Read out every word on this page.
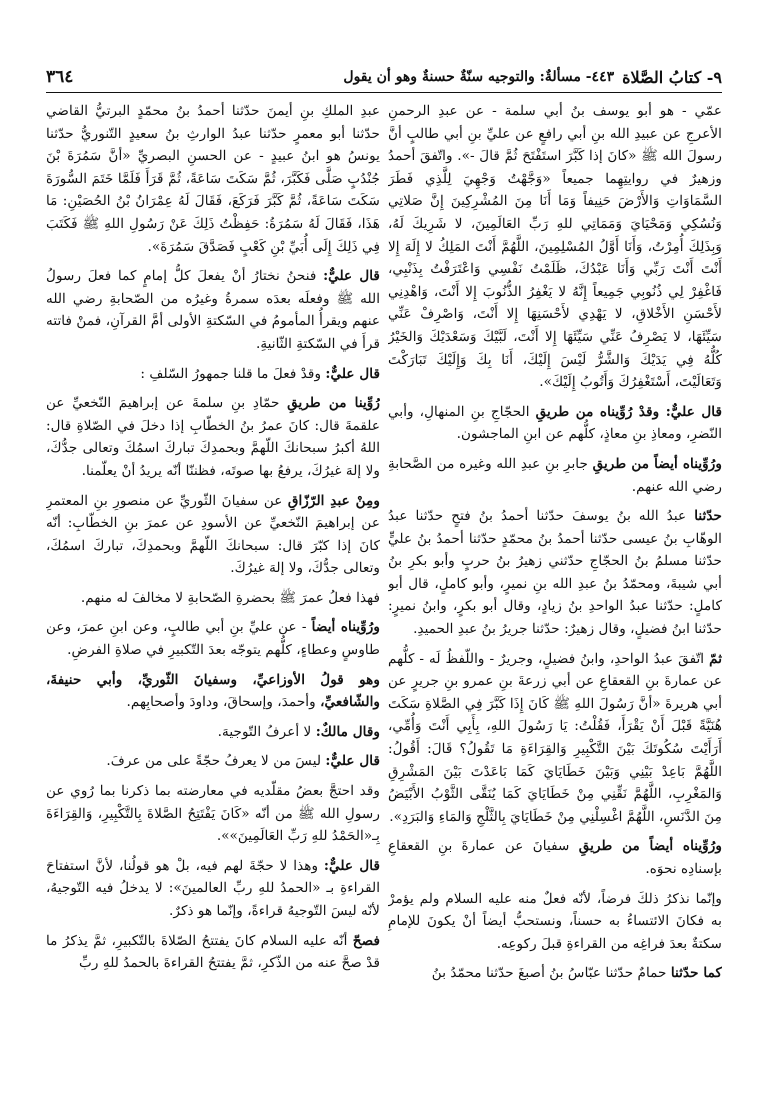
٩- كتابُ الصَّلاة
٤٤٣- مسألةٌ: والتوجيه سنّةٌ حسنةٌ وهو أن يقول
٣٦٤

عمّي - هو أبو يوسف بنُ أبي سلمة - عن عبدِ الرحمنِ الأعرجِ عن عبيدِ الله بنِ أبي رافعٍ عن عليِّ بنِ أبي طالبٍ أنَّ رسولَ الله ﷺ «كانَ إذا كَبَّرَ استَفْتَحَ ثُمَّ قالَ -». واتّفقَ أحمدُ وزهيرٌ في روايتِهِما جميعاً «وَجَّهْتُ وَجْهِيَ لِلَّذِي فَطَرَ السَّمَاوَاتِ وَالأَرْضَ حَنِيفاً وَمَا أَنَا مِنَ المُشْرِكِينَ إِنَّ صَلاتِي وَنُسُكِي وَمَحْيَايَ وَمَمَاتِي للهِ رَبِّ العَالَمِينَ، لا شَرِيكَ لَهُ، وَبِذَلِكَ أُمِرْتُ، وَأَنَا أَوَّلُ المُسْلِمِينَ، اللَّهُمَّ أَنْتَ المَلِكُ لا إِلَهَ إِلا أَنْتَ أَنْتَ رَبِّي وَأَنَا عَبْدُكَ، ظَلَمْتُ نَفْسِي وَاعْتَرَفْتُ بِذَنْبِي، فَاغْفِرْ لِي ذُنُوبِي جَمِيعاً إِنَّهُ لا يَغْفِرُ الذُّنُوبَ إِلا أَنْتَ، وَاهْدِنِي لأَحْسَنِ الأَخْلاقِ، لا يَهْدِي لأَحْسَنِهَا إِلا أَنْتَ، وَاصْرِفْ عَنِّي سَيِّئَهَا، لا يَصْرِفُ عَنِّي سَيِّئَهَا إِلا أَنْتَ، لَبَّيْكَ وَسَعْدَيْكَ وَالخَيْرُ كُلُّهُ فِي يَدَيْكَ وَالشَّرُّ لَيْسَ إِلَيْكَ، أَنَا بِكَ وَإِلَيْكَ تَبَارَكْتَ وَتَعَالَيْتَ، أَسْتَغْفِرُكَ وَأَتُوبُ إِلَيْكَ».

قال عليٌّ: وقدْ رُوِّيناه من طريقِ الحجّاجِ بنِ المنهالِ، وأبي النّضرِ، ومعاذِ بنِ معاذٍ، كلُّهم عن ابنِ الماجشون.

ورُوِّيناه أيضاً من طريقِ جابرِ بنِ عبدِ الله وغيره من الصَّحابةِ رضي الله عنهم.

حدّثنا عبدُ الله بنُ يوسفَ حدّثنا أحمدُ بنُ فتحٍ حدّثنا عبدُ الوهّابِ بنُ عيسى حدّثنا أحمدُ بنُ محمّدٍ حدّثنا أحمدُ بنُ عليٍّ حدّثنا مسلمُ بنُ الحجّاجِ حدّثني زهيرُ بنُ حربٍ وأبو بكرِ بنُ أبي شيبةَ، ومحمّدُ بنُ عبدِ الله بنِ نميرٍ، وأبو كاملٍ، قال أبو كاملٍ: حدّثنا عبدُ الواحدِ بنُ زيادٍ، وقال أبو بكرٍ، وابنُ نميرٍ: حدّثنا ابنُ فضيلٍ، وقال زهيرٌ: حدّثنا جريرُ بنُ عبدِ الحميدِ.

ثمّ اتّفقَ عبدُ الواحدِ، وابنُ فضيلٍ، وجريرٌ - واللّفظُ لَه - كلُّهم عن عمارةَ بنِ القعقاعِ عن أبي زرعةَ بنِ عمرو بنِ جريرٍ عن أبي هريرةَ «أنَّ رَسُولَ اللهِ ﷺ كَانَ إِذَا كَبَّرَ فِي الصَّلاةِ سَكَتَ هُنَيَّةً قَبْلَ أَنْ يَقْرَأَ، فَقُلْتُ: يَا رَسُولَ اللهِ، بِأَبِي أَنْتَ وَأُمِّي، أَرَأَيْتَ سُكُوتَكَ بَيْنَ التَّكْبِيرِ وَالقِرَاءَةِ مَا تَقُولُ؟ قَالَ: أَقُولُ: اللَّهُمَّ بَاعِدْ بَيْنِي وَبَيْنَ خَطَايَايَ كَمَا بَاعَدْتَ بَيْنَ المَشْرِقِ وَالمَغْرِبِ، اللَّهُمَّ نَقِّنِي مِنْ خَطَايَايَ كَمَا يُنَقَّى الثَّوْبُ الأَبْيَضُ مِنَ الدَّنَسِ، اللَّهُمَّ اغْسِلْنِي مِنْ خَطَايَايَ بِالثَّلْجِ وَالمَاءِ وَالبَرَدِ».

ورُوِّيناه أيضاً من طريقِ سفيانَ عن عمارةَ بنِ القعقاعِ بإسنادِه نحوَه.

وإنّما نذكرُ ذلكَ فرضاً، لأنّه فعلٌ منه عليه السلام ولم يؤمرْ به فكانَ الائتساءُ به حسناً، ونستحبُّ أيضاً أنْ يكونَ للإمامِ سكتةٌ بعدَ فراغِه من القراءةِ قبلَ ركوعِه.

كما حدّثنا حمامٌ حدّثنا عبّاسُ بنُ أصبغَ حدّثنا محمّدُ بنُ

عبدِ الملكِ بنِ أيمنَ حدّثنا أحمدُ بنُ محمّدٍ البرتيُّ القاضي حدّثنا أبو معمرٍ حدّثنا عبدُ الوارثِ بنُ سعيدٍ التّنوريُّ حدّثنا يونسُ هو ابنُ عبيدٍ - عن الحسنِ البصريِّ «أنَّ سَمُرَةَ بْنَ جُنْدُبٍ صَلَّى فَكَبَّرَ، ثُمَّ سَكَتَ سَاعَةً، ثُمَّ قَرَأَ فَلَمَّا خَتَمَ السُّورَةَ سَكَتَ سَاعَةً، ثُمَّ كَبَّرَ فَرَكَعَ، فَقَالَ لَهُ عِمْرَانُ بْنُ الحُصَيْنِ: مَا هَذَا، فَقَالَ لَهُ سَمُرَةُ: حَفِظْتُ ذَلِكَ عَنْ رَسُولِ اللهِ ﷺ فَكَتَبَ فِي ذَلِكَ إِلَى أُبَيِّ بْنِ كَعْبٍ فَصَدَّقَ سَمُرَةَ».

قال عليٌّ: فنحنُ نختارُ أنْ يفعلَ كلُّ إمامٍ كما فعلَ رسولُ الله ﷺ وفعلَه بعدَه سمرةُ وغيرُه من الصّحابةِ رضي الله عنهم ويقرأُ المأمومُ في السّكتةِ الأولى أمَّ القرآنِ، فمنْ فاتته قرأَ في السّكتةِ الثّانيةِ.

قال عليٌّ: وقدْ فعلَ ما قلنا جمهورُ السّلفِ :

رُوِّينا من طريقِ حمّادِ بنِ سلمةَ عن إبراهيمَ النّخعيِّ عن علقمةَ قال: كانَ عمرُ بنُ الخطّابِ إذا دخلَ في الصّلاةِ قال: اللهُ أكبرُ سبحانكَ اللّهمَّ وبحمدِكَ تباركَ اسمُكَ وتعالى جدُّكَ، ولا إلهَ غيرُكَ، يرفعُ بها صوتَه، فظننّا أنّه يريدُ أنْ يعلّمنا.

ومِنْ عبدِ الرّزّاقِ عن سفيانَ الثّوريِّ عن منصورِ بنِ المعتمرِ عن إبراهيمَ النّخعيِّ عن الأسودِ عن عمرَ بنِ الخطّابِ: أنّه كانَ إذا كبّرَ قال: سبحانكَ اللّهمَّ وبحمدِكَ، تباركَ اسمُكَ، وتعالى جدُّكَ، ولا إلهَ غيرُكَ.

فهذا فعلُ عمرَ ﷺ بحضرةِ الصّحابةِ لا مخالفَ له منهم.

ورُوِّيناه أيضاً - عن عليِّ بنِ أبي طالبٍ، وعن ابنِ عمرَ، وعن طاوسٍ وعطاءٍ، كلُّهم يتوجّه بعدَ التّكبيرِ في صلاةِ الفرضِ.

وهو قولُ الأوزاعيِّ، وسفيانَ الثّوريِّ، وأبي حنيفةَ، والشّافعيِّ، وأحمدَ، وإسحاقَ، وداودَ وأصحابِهم.

وقال مالكٌ: لا أعرفُ التّوجيهَ.

قال عليٌّ: ليسَ من لا يعرفُ حجّةً على من عرفَ.

وقد احتجَّ بعضُ مقلّديه في معارضته بما ذكرنا بما رُوي عن رسولِ الله ﷺ من أنّه «كَانَ يَفْتَتِحُ الصَّلاةَ بِالتَّكْبِيرِ، وَالقِرَاءَةَ بِـ«الحَمْدُ للهِ رَبِّ العَالَمِينَ»».

قال عليٌّ: وهذا لا حجّةَ لهم فيه، بلْ هو قولُنا، لأنَّ استفتاحَ القراءةِ بـ «الحمدُ للهِ ربِّ العالمينَ»: لا يدخلُ فيه التّوجيهُ، لأنّه ليسَ التّوجيهُ قراءةً، وإنّما هو ذكرٌ.

فصحّ أنّه عليه السلام كانَ يفتتحُ الصّلاةَ بالتّكبيرِ، ثمَّ يذكرُ ما قدْ صحَّ عنه من الذّكرِ، ثمَّ يفتتحُ القراءةَ بالحمدُ للهِ ربِّ
